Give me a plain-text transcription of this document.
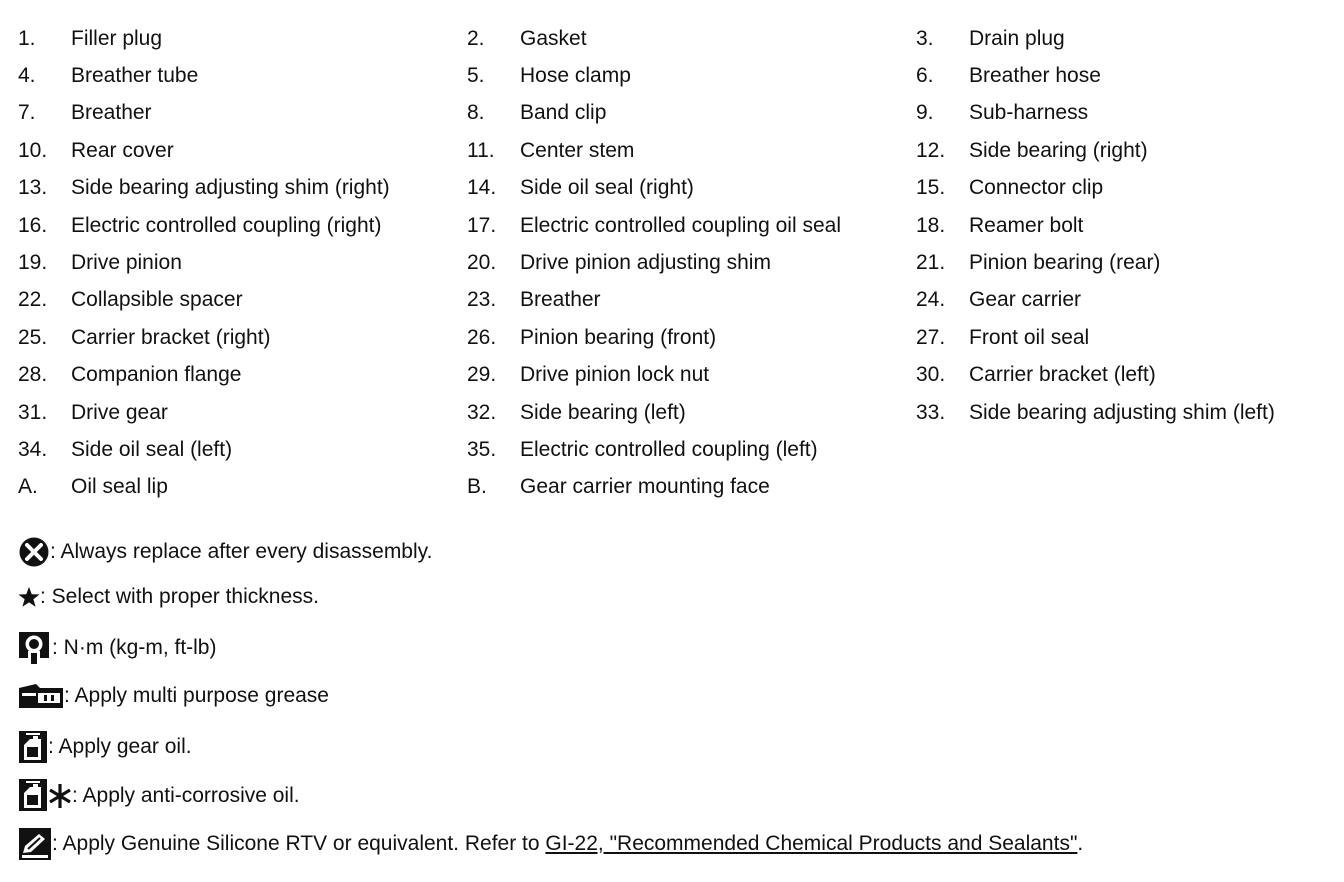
1.	Filler plug	2.	Gasket	3.	Drain plug
4.	Breather tube	5.	Hose clamp	6.	Breather hose
7.	Breather	8.	Band clip	9.	Sub-harness
10.	Rear cover	11.	Center stem	12.	Side bearing (right)
13.	Side bearing adjusting shim (right)	14.	Side oil seal (right)	15.	Connector clip
16.	Electric controlled coupling (right)	17.	Electric controlled coupling oil seal	18.	Reamer bolt
19.	Drive pinion	20.	Drive pinion adjusting shim	21.	Pinion bearing (rear)
22.	Collapsible spacer	23.	Breather	24.	Gear carrier
25.	Carrier bracket (right)	26.	Pinion bearing (front)	27.	Front oil seal
28.	Companion flange	29.	Drive pinion lock nut	30.	Carrier bracket (left)
31.	Drive gear	32.	Side bearing (left)	33.	Side bearing adjusting shim (left)
34.	Side oil seal (left)	35.	Electric controlled coupling (left)
A.	Oil seal lip	B.	Gear carrier mounting face
: Always replace after every disassembly.
: Select with proper thickness.
: N·m (kg-m, ft-lb)
: Apply multi purpose grease
: Apply gear oil.
: Apply anti-corrosive oil.
: Apply Genuine Silicone RTV or equivalent. Refer to GI-22, "Recommended Chemical Products and Sealants".
